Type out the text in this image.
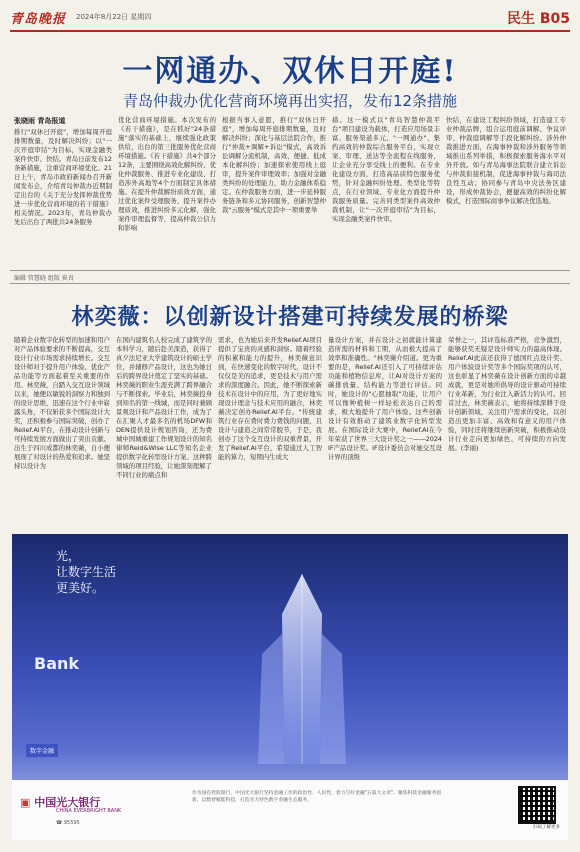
青岛晚报 2024年8月22日 星期四	民生 B05
一网通办、双休日开庭!
青岛仲裁办优化营商环境再出实招，发布12条措施
张晓雨 青岛报道
推行"双休日开庭"，增加每周开庭排期数量，及时解决纠纷；以"一次开庭审结"为目标，实现金融类案件快审、快结。青岛日前发布12条新措施，注重营商环境优化。21日上午，青岛市政府新闻办召开新闻发布会，介绍青岛仲裁办近期制定出台的《关于充分发挥仲裁优势进一步优化营商环境的若干措施》相关情况。2023年，青岛仲裁办先后出台了两批共24条服务
优化营商环境措施。本次发布的《若干措施》，是在抓好"24条措施"落实的基础上，继续强化政策供给，出台的第三批服务优化营商环境措施。《若干措施》共4个部分12条，主要围绕高效化解纠纷、优化仲裁服务、推进专业化建设、打造涉外高地等4个方面制定具体措施。在提升仲裁解纷质效方面，通过优化案件受理服务，提升案件办理质效，推进纠纷多元化解，强化案件审理监督等，提高仲裁公信力和影响
根据当事人意愿，推行"双休日开庭"，增加每周开庭排期数量，及时解决纠纷；深化与基层法院合作，推行"仲裁+调解+诉讼"模式，高效诉讼调解分流机制，高效、便捷、低成本化解纠纷；加速探索使用线上庭审，提升案件审理效率；加强对金融类纠纷的处理能力，助力金融体系稳定。在仲裁服务方面，进一步延伸服务链条和多元协同服务，创新智慧仲裁"云服务"模式是其中一项重要举
措。这一模式以"青岛智慧仲裁平台"项目建设为载体，打造应用场景丰富、服务渠道多元、"一网通办"、集约高效的仲裁综合服务平台，实现立案、审理、送达等全流程在线服务，让企业充分享受线上的便利。在专业化建设方面，打造高品质特色服务优势，针对金融纠纷处理、类型化等特点，在行业领域、专业化方面提升仲裁服务质量。完善同类型案件高效仲裁机制，让"一次开庭审结"为目标，实现金融类案件快审。
快结，在建设工程纠纷领域，打造建工专业仲裁品牌，组合运用庭前调解、争议评审、仲裁庭调解等手段化解纠纷。涉外仲裁推进方面，在海事仲裁和涉外服务等领域推出系列举措，积极探索服务海水平对外开放。如与青岛海事法院联合建立诉讼与仲裁衔接机制，促进海事仲裁与海司法良性互动；协同参与青岛中央法务区建设，形成仲裁协会，便捷高效的纠纷化解模式，打造国际商事争议解决优选地。
编辑 管慧晓 组版 崔真
林奕薇：以创新设计搭建可持续发展的桥梁
随着企业数字化转型的加速和用户对产品体验要求的不断提高，交互设计行业市场需求持续增长。交互设计师对于提升用户体验、优化产品功能等方面起着至关重要的作用。林奕薇，自踏入交互设计领域以来，她便以敏锐的洞察力和独到的设计思维，迅速在这个行业中崭露头角，不仅斩获多个国际设计大奖，还积极参与国际突破，创办了Relief.AI平台，在推动设计创新与可持续发展方面做出了突出贡献。出生于四川成都的林奕薇，自小便展现了对设计的热爱和追求。她坚持以设计为
在国内建筑名人校完成了建筑学的本科学习，随后赴美深造，获得了真夕法尼亚大学建筑设计的硕士学位，并辅修产品设计，这也为她日后的跨界设计奠定了坚实的基础。林奕薇的职业生涯充满了跨界融合与不断探索。毕业后，林奕薇投身到知名的第一线城，而是同时兼顾景观设计和产品设计工作，成为了在汇聚人才最多名的机场DFW和DEN提供设计规划咨询，还为费城中国城重建工作规划设计的知名律师Reid&Wise LLC等知名企业提供数字化转型设计方案。这种跨领域的项目经验，让她深刻理解了不同行业的痛点和
需求，也为她后来开发Relief.AI项目提供了宝贵的灵感和洞察。随着经验的积累和能力的提升，林奕薇意识到，在快速变化的数字时代，设计不仅仅是美的追求，更是技术与用户需求的深度融合。因此，她不断探索新技术在设计中的应用，为了更好地实现设计理念与技术应用的融合，林奕薇决定创办Relief.AI平台。"传统建筑行业存在费时费力费钱的问题，且设计与建造之间常常脱节，于是，我创办了这个交互设计的双重背景，开发了Relief.AI平台，希望通过人工智能的算力，短期内生成大
量设计方案，并在设计之初就能计算建造所需的材料和工期，从而极大提高了效率和准确性。"林奕薇介绍道。更为重要的是，Relief.AI还引入了可持续评估功能和植物信息库，让AI对设计方案的碳排放量、结构能力等进行评估。同时，她设计的"心愿抽取"功能，让用户可以像种植树一样轻松表达自己的需求，极大地提升了用户体验。这些创新设计有效推动了建筑业数字化转型发展。在国际设计大赛中，Relief.AI在今年荣获了世界三大设计奖之一——2024 IF产品设计奖。IF设计委员会对她交互设计界的顶级
荣誉之一，其评选标准严格，竞争激烈，能够获奖无疑是设计师实力的最高体现。Relief.AI此前还获得了德国红点设计奖、用户体验设计奖等多个国际奖项的认可，这也彰显了林奕薇在设计创新方面的卓越成就，更是对她所倡导的设计驱动可持续行业革新，为行业注入新活力的认可。回首过去，林奕薇表示，她将持续深耕于设计创新领域，关注用户需求的变化，以创造出更加丰富、高效和有意义的用户体验，同时还将继续创新突破，积极推动设计行业走向更加绿色、可持续的方向发展。(李丽)
光，
让数字生活
更美好。
Bank
数字金融
▣ 中国光大银行
CHINA EVERBRIGHT BANK
☎ 95595
作为国有控股银行，中国光大银行坚持金融工作的政治性、人民性，着力写好金融"五篇大文章"。聚焦科技金融服务创新，以数智赋能科技，打造光大特色数字金融生态服务。
扫码了解更多
